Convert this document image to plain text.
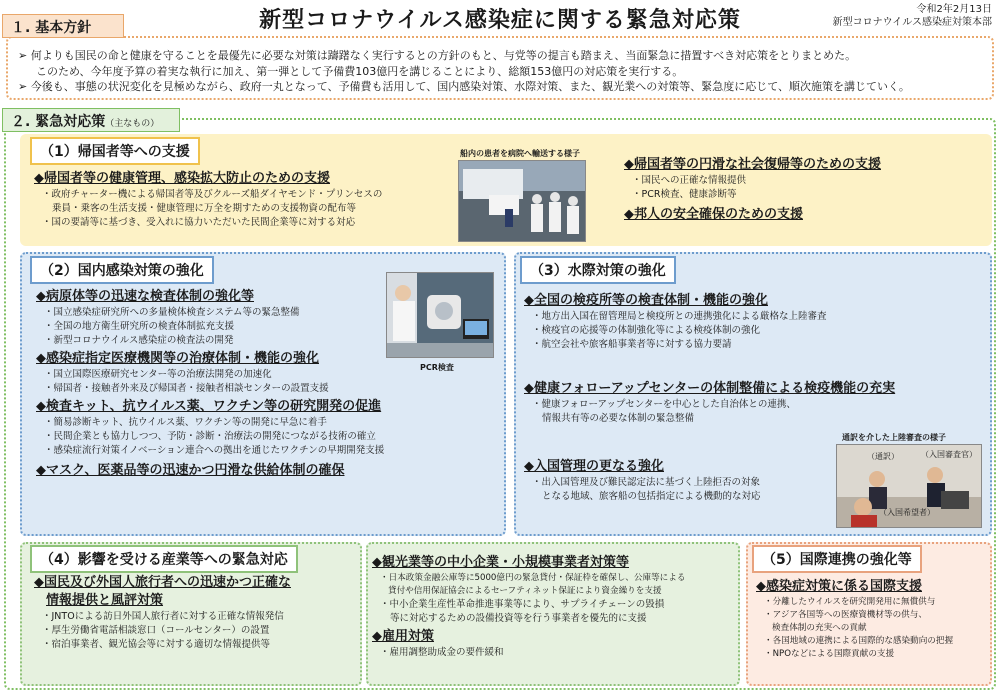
新型コロナウイルス感染症に関する緊急対応策	令和2年2月13日
新型コロナウイルス感染症対策本部

➢ 何よりも国民の命と健康を守ることを最優先に必要な対策は躊躇なく実行するとの方針のもと、与党等の提言も踏まえ、当面緊急に措置すべき対応策をとりまとめた。

このため、今年度予算の着実な執行に加え、第一弾として予備費103億円を講じることにより、総額153億円の対応策を実行する。

➢ 今後も、事態の状況変化を見極めながら、政府一丸となって、予備費も活用して、国内感染対策、水際対策、また、観光業への対策等、緊急度に応じて、順次施策を講じていく。

１. 基本方針
２. 緊急対応策（主なもの）
（1）帰国者等への支援
◆帰国者等の健康管理、感染拡大防止のための支援
・政府チャーター機による帰国者等及びクルーズ船ダイヤモンド・プリンセスの
乗員・乗客の生活支援・健康管理に万全を期すための支援物資の配布等
・国の要請等に基づき、受入れに協力いただいた民間企業等に対する対応
船内の患者を病院へ輸送する様子
◆帰国者等の円滑な社会復帰等のための支援
・国民への正確な情報提供
・PCR検査、健康診断等
◆邦人の安全確保のための支援
（2）国内感染対策の強化
◆病原体等の迅速な検査体制の強化等
・国立感染症研究所への多量検体検査システム等の緊急整備
・全国の地方衛生研究所の検査体制拡充支援
・新型コロナウイルス感染症の検査法の開発
◆感染症指定医療機関等の治療体制・機能の強化
・国立国際医療研究センター等の治療法開発の加速化
・帰国者・接触者外来及び帰国者・接触者相談センターの設置支援
◆検査キット、抗ウイルス薬、ワクチン等の研究開発の促進
・簡易診断キット、抗ウイルス薬、ワクチン等の開発に早急に着手
・民間企業とも協力しつつ、予防・診断・治療法の開発につながる技術の確立
・感染症流行対策イノベーション連合への拠出を通じたワクチンの早期開発支援
◆マスク、医薬品等の迅速かつ円滑な供給体制の確保
PCR検査
（3）水際対策の強化
◆全国の検疫所等の検査体制・機能の強化
・地方出入国在留管理局と検疫所との連携強化による厳格な上陸審査
・検疫官の応援等の体制強化等による検疫体制の強化
・航空会社や旅客船事業者等に対する協力要請
◆健康フォローアップセンターの体制整備による検疫機能の充実
・健康フォローアップセンターを中心とした自治体との連携、
情報共有等の必要な体制の緊急整備
◆入国管理の更なる強化
・出入国管理及び難民認定法に基づく上陸拒否の対象
となる地域、旅客船の包括指定による機動的な対応
通訳を介した上陸審査の様子
（通訳）	（入国審査官）
（入国希望者）
（4）影響を受ける産業等への緊急対応
◆国民及び外国人旅行者への迅速かつ正確な
情報提供と風評対策
・JNTOによる訪日外国人旅行者に対する正確な情報発信
・厚生労働省電話相談窓口（コールセンター）の設置
・宿泊事業者、観光協会等に対する適切な情報提供等
◆観光業等の中小企業・小規模事業者対策等
・日本政策金融公庫等に5000億円の緊急貸付・保証枠を確保し、公庫等による
貸付や信用保証協会によるセーフティネット保証により資金繰りを支援
・中小企業生産性革命推進事業等により、サプライチェーンの毀損
等に対応するための設備投資等を行う事業者を優先的に支援
◆雇用対策
・雇用調整助成金の要件緩和
（5）国際連携の強化等
◆感染症対策に係る国際支援
・分離したウイルスを研究開発用に無償供与
・アジア各国等への医療資機材等の供与、
検査体制の充実への貢献
・各国地域の連携による国際的な感染動向の把握
・NPOなどによる国際貢献の支援
